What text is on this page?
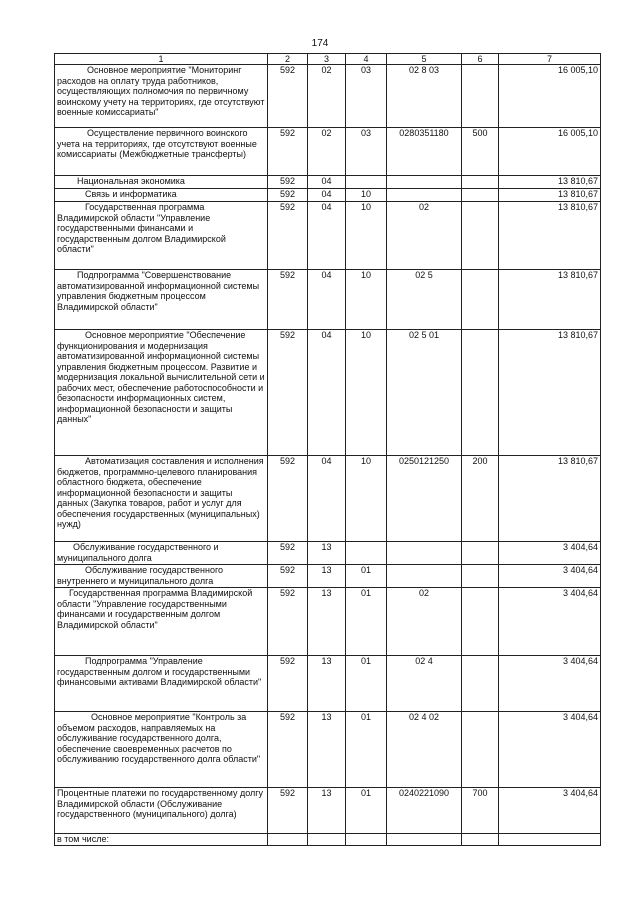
174
1	2	3	4	5	6	7
Основное мероприятие "Мониторинг расходов на оплату труда работников, осуществляющих полномочия по первичному воинскому учету на территориях, где отсутствуют военные комиссариаты"	592	02	03	02 8 03		16 005,10
Осуществление первичного воинского учета на территориях, где отсутствуют военные комиссариаты (Межбюджетные трансферты)	592	02	03	0280351180	500	16 005,10
Национальная экономика	592	04				13 810,67
Связь и информатика	592	04	10			13 810,67
Государственная программа Владимирской области "Управление государственными финансами и государственным долгом Владимирской области"	592	04	10	02		13 810,67
Подпрограмма "Совершенствование автоматизированной информационной системы управления бюджетным процессом Владимирской области"	592	04	10	02 5		13 810,67
Основное мероприятие "Обеспечение функционирования и модернизация автоматизированной информационной системы управления бюджетным процессом. Развитие и модернизация локальной вычислительной сети и рабочих мест, обеспечение работоспособности и безопасности информационных систем, информационной безопасности и защиты данных"	592	04	10	02 5 01		13 810,67
Автоматизация составления и исполнения бюджетов, программно-целевого планирования областного бюджета, обеспечение информационной безопасности и защиты данных (Закупка товаров, работ и услуг для обеспечения государственных (муниципальных) нужд)	592	04	10	0250121250	200	13 810,67
Обслуживание государственного и муниципального долга	592	13				3 404,64
Обслуживание государственного внутреннего и муниципального долга	592	13	01			3 404,64
Государственная программа Владимирской области "Управление государственными финансами и государственным долгом Владимирской области"	592	13	01	02		3 404,64
Подпрограмма "Управление государственным долгом и государственными финансовыми активами Владимирской области"	592	13	01	02 4		3 404,64
Основное мероприятие "Контроль за объемом расходов, направляемых на обслуживание государственного долга, обеспечение своевременных расчетов по обслуживанию государственного долга области"	592	13	01	02 4 02		3 404,64
Процентные платежи по государственному долгу Владимирской области (Обслуживание государственного (муниципального) долга)	592	13	01	0240221090	700	3 404,64
в том числе:						
